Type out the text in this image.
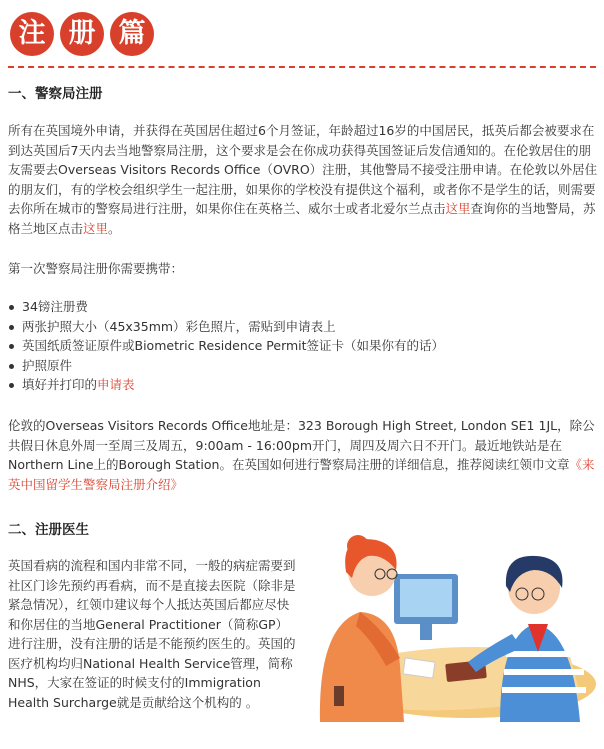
注 册 篇
一、警察局注册

所有在英国境外申请，并获得在英国居住超过6个月签证，年龄超过16岁的中国居民，抵英后都会被要求在到达英国后7天内去当地警察局注册，这个要求是会在你成功获得英国签证后发信通知的。在伦敦居住的朋友需要去Overseas Visitors Records Office（OVRO）注册，其他警局不接受注册申请。在伦敦以外居住的朋友们，有的学校会组织学生一起注册，如果你的学校没有提供这个福利，或者你不是学生的话，则需要去你所在城市的警察局进行注册，如果你住在英格兰、威尔士或者北爱尔兰点击这里查询你的当地警局，苏格兰地区点击这里。

第一次警察局注册你需要携带：

34镑注册费
两张护照大小（45x35mm）彩色照片，需贴到申请表上
英国纸质签证原件或Biometric Residence Permit签证卡（如果你有的话）
护照原件
填好并打印的申请表

伦敦的Overseas Visitors Records Office地址是：323 Borough High Street, London SE1 1JL，除公共假日休息外周一至周三及周五，9:00am - 16:00pm开门，周四及周六日不开门。最近地铁站是在Northern Line上的Borough Station。在英国如何进行警察局注册的详细信息，推荐阅读红领巾文章《来英中国留学生警察局注册介绍》

二、注册医生

英国看病的流程和国内非常不同，一般的病症需要到社区门诊先预约再看病，而不是直接去医院（除非是紧急情况），红领巾建议每个人抵达英国后都应尽快和你居住的当地General Practitioner（简称GP）进行注册，没有注册的话是不能预约医生的。英国的医疗机构均归National Health Service管理，简称NHS，大家在签证的时候支付的Immigration Health Surcharge就是贡献给这个机构的 。
